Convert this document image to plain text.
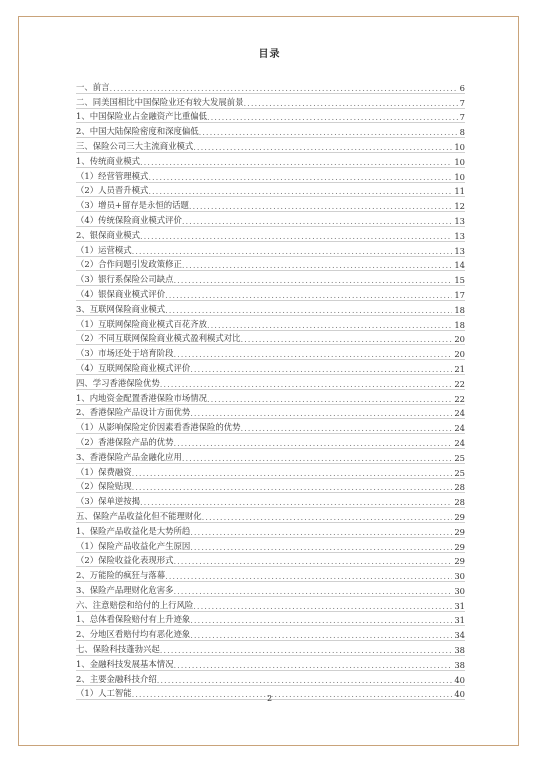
目录
一、前言 .....	6
二、同美国相比中国保险业还有较大发展前景 .....	7
1、中国保险业占金融资产比重偏低 .....	7
2、中国大陆保险密度和深度偏低 .....	8
三、保险公司三大主流商业模式 .....	10
1、传统商业模式 .....	10
（1）经营管理模式 .....	10
（2）人员晋升模式 .....	11
（3）增员+留存是永恒的话题 .....	12
（4）传统保险商业模式评价 .....	13
2、银保商业模式 .....	13
（1）运营模式 .....	13
（2）合作问题引发政策修正 .....	14
（3）银行系保险公司缺点 .....	15
（4）银保商业模式评价 .....	17
3、互联网保险商业模式 .....	18
（1）互联网保险商业模式百花齐放 .....	18
（2）不同互联网保险商业模式盈利模式对比 .....	20
（3）市场还处于培育阶段 .....	20
（4）互联网保险商业模式评价 .....	21
四、学习香港保险优势 .....	22
1、内地资金配置香港保险市场情况 .....	22
2、香港保险产品设计方面优势 .....	24
（1）从影响保险定价因素看香港保险的优势 .....	24
（2）香港保险产品的优势 .....	24
3、香港保险产品金融化应用 .....	25
（1）保费融资 .....	25
（2）保险贴现 .....	28
（3）保单逆按揭 .....	28
五、保险产品收益化但不能理财化 .....	29
1、保险产品收益化是大势所趋 .....	29
（1）保险产品收益化产生原因 .....	29
（2）保险收益化表现形式 .....	29
2、万能险的疯狂与落幕 .....	30
3、保险产品理财化危害多 .....	30
六、注意赔偿和给付的上行风险 .....	31
1、总体看保险赔付有上升迹象 .....	31
2、分地区看赔付均有恶化迹象 .....	34
七、保险科技蓬勃兴起 .....	38
1、金融科技发展基本情况 .....	38
2、主要金融科技介绍 .....	40
（1）人工智能 .....	40
2
